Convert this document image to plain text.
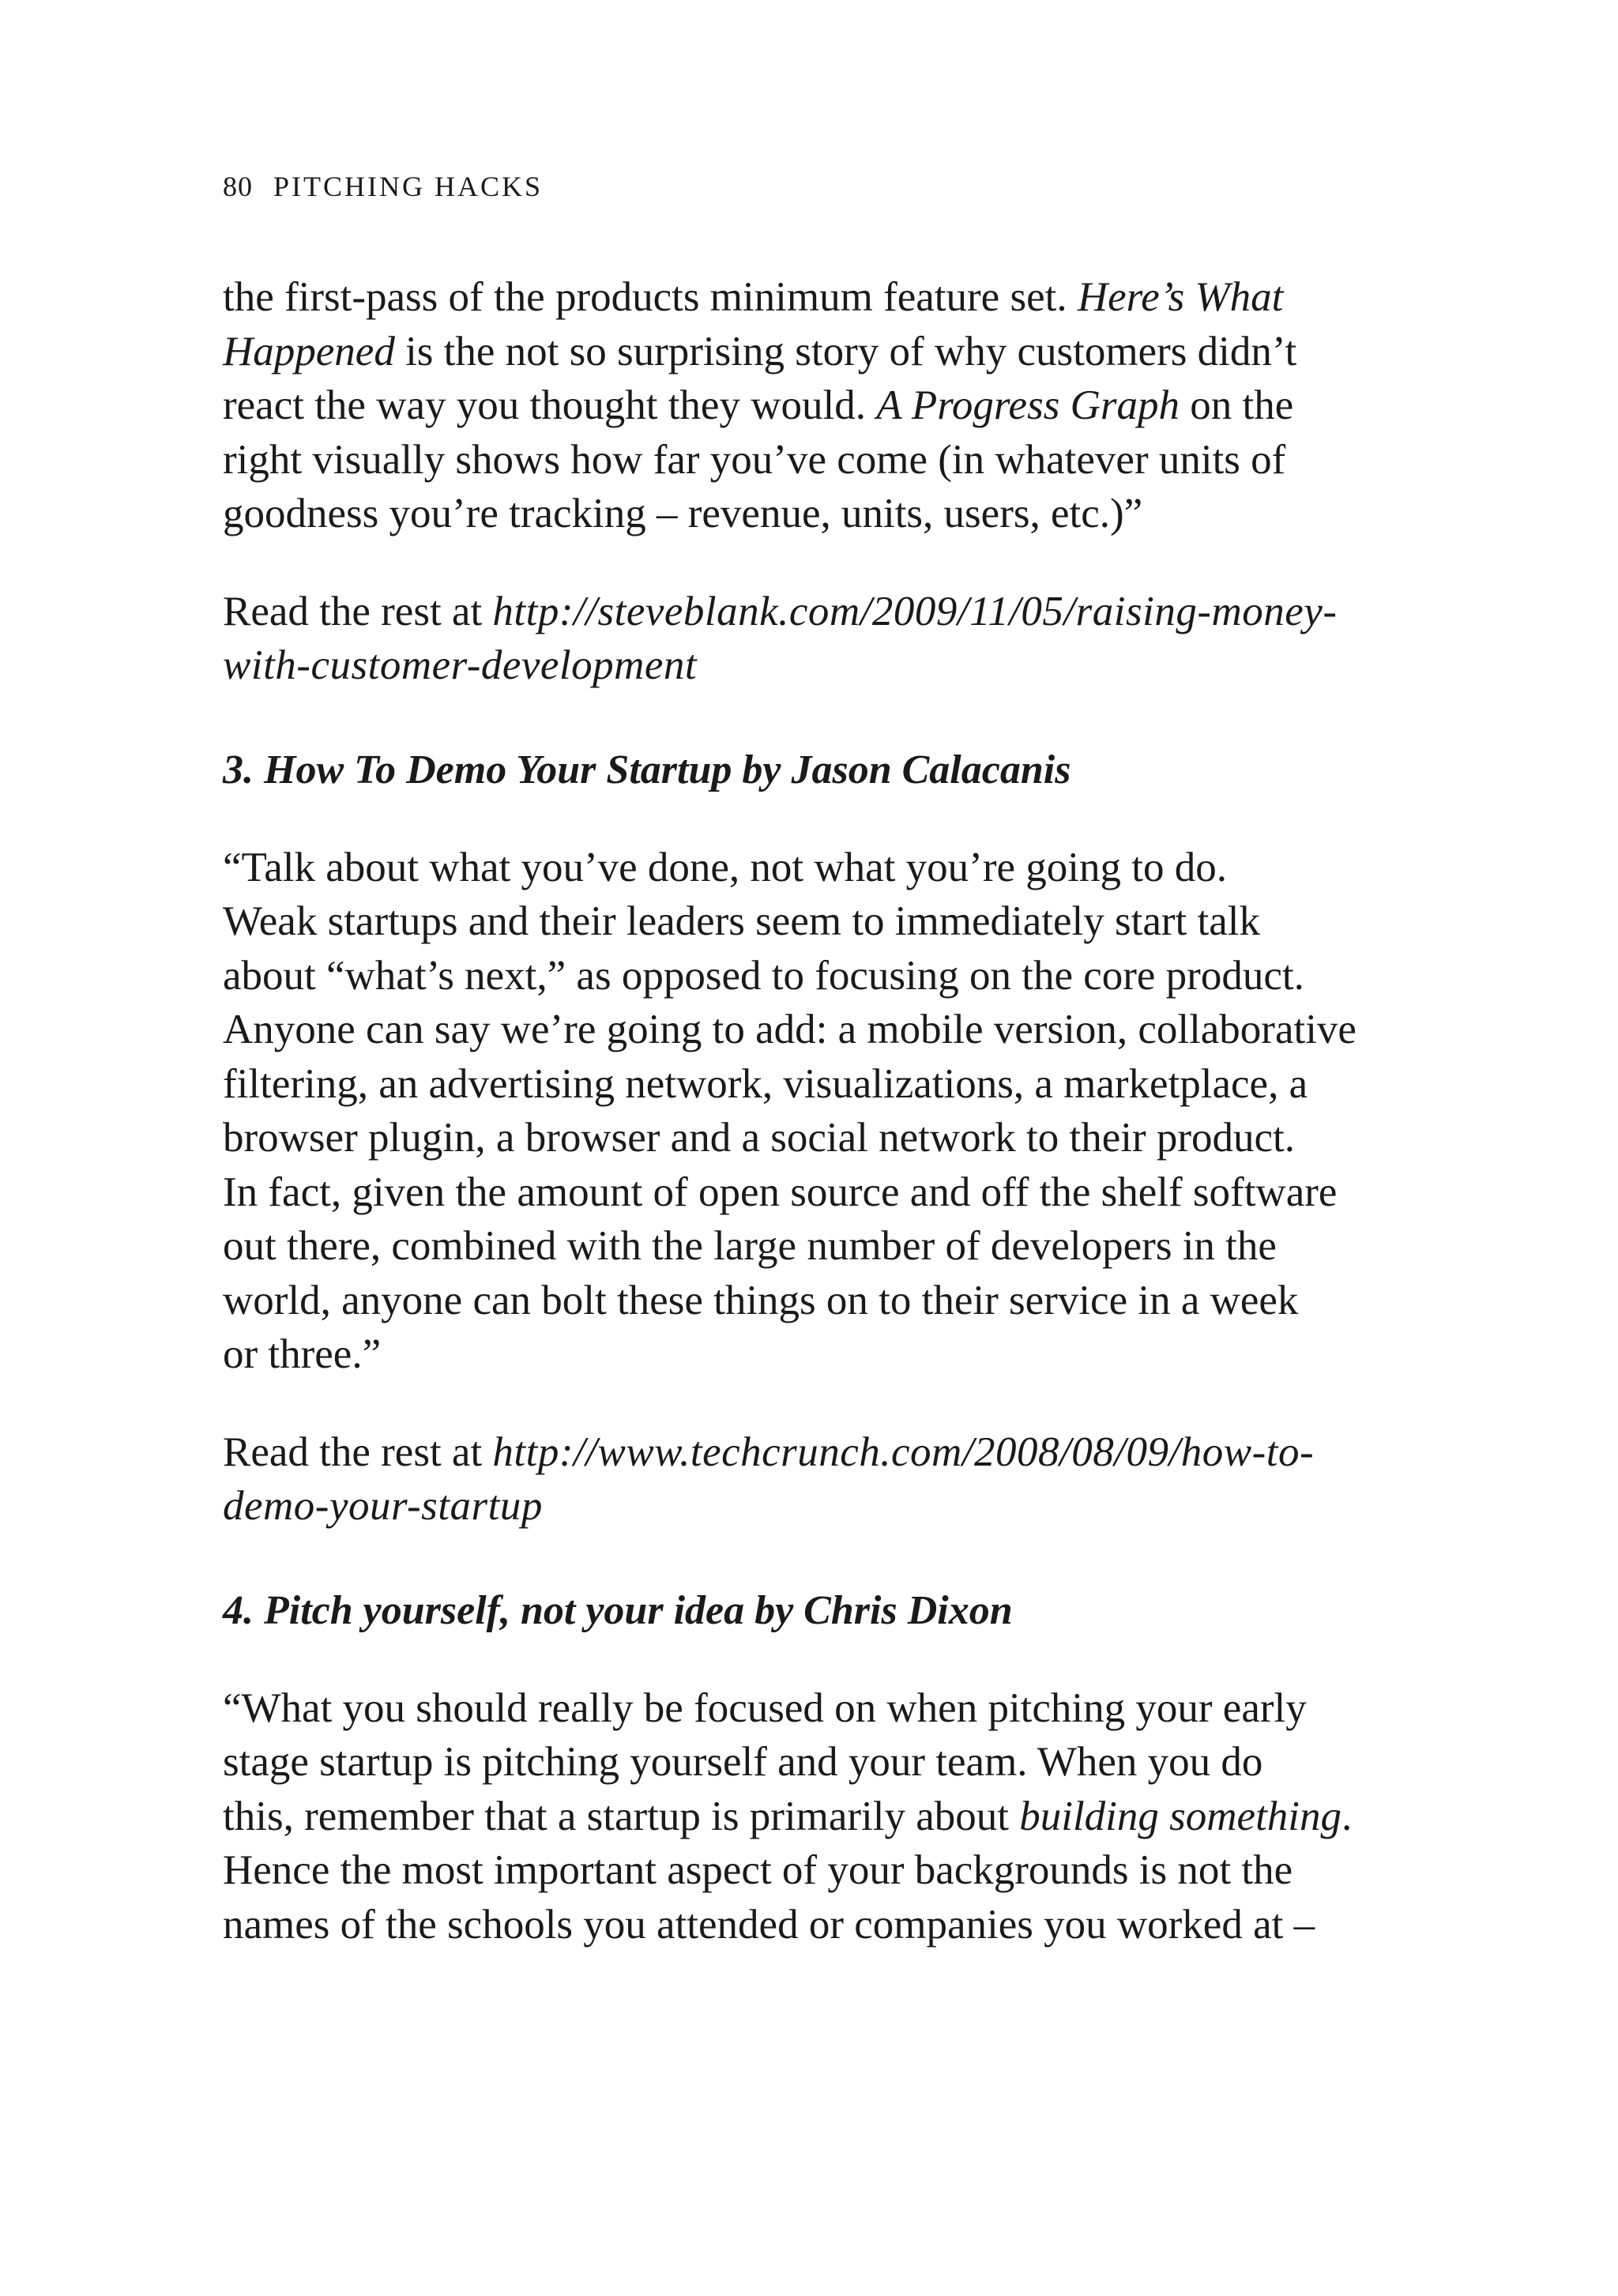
80 PITCHING HACKS

the first-pass of the products minimum feature set. Here’s What
Happened is the not so surprising story of why customers didn’t
react the way you thought they would. A Progress Graph on the
right visually shows how far you’ve come (in whatever units of
goodness you’re tracking – revenue, units, users, etc.)”

Read the rest at http://steveblank.com/2009/11/05/raising-money-
with-customer-development

3. How To Demo Your Startup by Jason Calacanis

“Talk about what you’ve done, not what you’re going to do.
Weak startups and their leaders seem to immediately start talk
about “what’s next,” as opposed to focusing on the core product.
Anyone can say we’re going to add: a mobile version, collaborative
filtering, an advertising network, visualizations, a marketplace, a
browser plugin, a browser and a social network to their product.
In fact, given the amount of open source and off the shelf software
out there, combined with the large number of developers in the
world, anyone can bolt these things on to their service in a week
or three.”

Read the rest at http://www.techcrunch.com/2008/08/09/how-to-
demo-your-startup

4. Pitch yourself, not your idea by Chris Dixon

“What you should really be focused on when pitching your early
stage startup is pitching yourself and your team. When you do
this, remember that a startup is primarily about building something.
Hence the most important aspect of your backgrounds is not the
names of the schools you attended or companies you worked at –
